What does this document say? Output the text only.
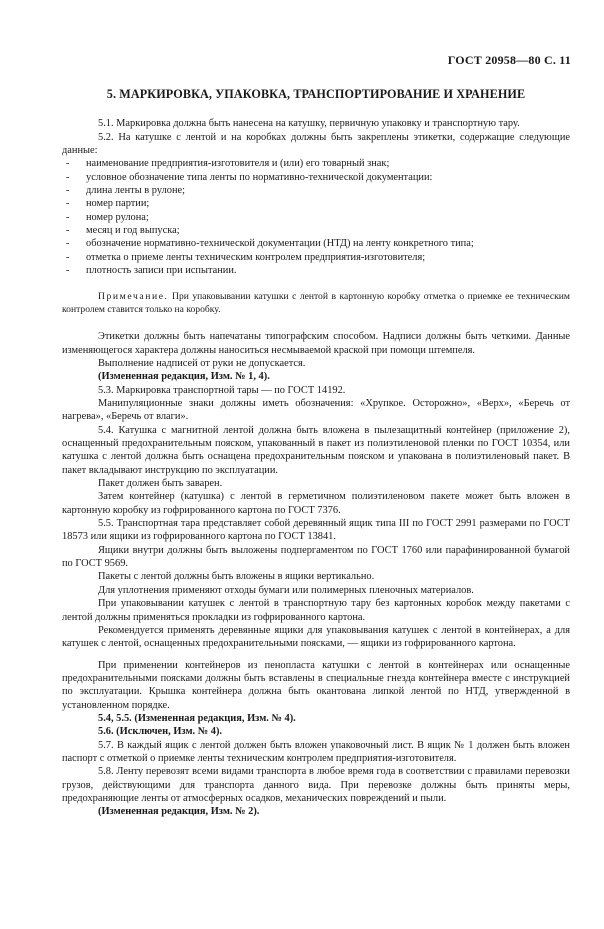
ГОСТ 20958—80 С. 11
5. МАРКИРОВКА, УПАКОВКА, ТРАНСПОРТИРОВАНИЕ И ХРАНЕНИЕ

5.1. Маркировка должна быть нанесена на катушку, первичную упаковку и транспортную тару.

5.2. На катушке с лентой и на коробках должны быть закреплены этикетки, содержащие следующие данные:

- наименование предприятия-изготовителя и (или) его товарный знак;

- условное обозначение типа ленты по нормативно-технической документации:

- длина ленты в рулоне;

- номер партии;

- номер рулона;

- месяц и год выпуска;

- обозначение нормативно-технической документации (НТД) на ленту конкретного типа;

- отметка о приеме ленты техническим контролем предприятия-изготовителя;

- плотность записи при испытании.

Примечание. При упаковывании катушки с лентой в картонную коробку отметка о приемке ее техническим контролем ставится только на коробку.

Этикетки должны быть напечатаны типографским способом. Надписи должны быть четкими. Данные изменяющегося характера должны наноситься несмываемой краской при помощи штемпеля.

Выполнение надписей от руки не допускается.

(Измененная редакция, Изм. № 1, 4).

5.3. Маркировка транспортной тары — по ГОСТ 14192.

Манипуляционные знаки должны иметь обозначения: «Хрупкое. Осторожно», «Верх», «Беречь от нагрева», «Беречь от влаги».

5.4. Катушка с магнитной лентой должна быть вложена в пылезащитный контейнер (приложение 2), оснащенный предохранительным пояском, упакованный в пакет из полиэтиленовой пленки по ГОСТ 10354, или катушка с лентой должна быть оснащена предохранительным пояском и упакована в полиэтиленовый пакет. В пакет вкладывают инструкцию по эксплуатации.

Пакет должен быть заварен.

Затем контейнер (катушка) с лентой в герметичном полиэтиленовом пакете может быть вложен в картонную коробку из гофрированного картона по ГОСТ 7376.

5.5. Транспортная тара представляет собой деревянный ящик типа III по ГОСТ 2991 размерами по ГОСТ 18573 или ящики из гофрированного картона по ГОСТ 13841.

Ящики внутри должны быть выложены подпергаментом по ГОСТ 1760 или парафинированной бумагой по ГОСТ 9569.

Пакеты с лентой должны быть вложены в ящики вертикально.

Для уплотнения применяют отходы бумаги или полимерных пленочных материалов.

При упаковывании катушек с лентой в транспортную тару без картонных коробок между пакетами с лентой должны применяться прокладки из гофрированного картона.

Рекомендуется применять деревянные ящики для упаковывания катушек с лентой в контейнерах, а для катушек с лентой, оснащенных предохранительными поясками, — ящики из гофрированного картона.

При применении контейнеров из пенопласта катушки с лентой в контейнерах или оснащенные предохранительными поясками должны быть вставлены в специальные гнезда контейнера вместе с инструкцией по эксплуатации. Крышка контейнера должна быть окантована липкой лентой по НТД, утвержденной в установленном порядке.

5.4, 5.5. (Измененная редакция, Изм. № 4).

5.6. (Исключен, Изм. № 4).

5.7. В каждый ящик с лентой должен быть вложен упаковочный лист. В ящик № 1 должен быть вложен паспорт с отметкой о приемке ленты техническим контролем предприятия-изготовителя.

5.8. Ленту перевозят всеми видами транспорта в любое время года в соответствии с правилами перевозки грузов, действующими для транспорта данного вида. При перевозке должны быть приняты меры, предохраняющие ленты от атмосферных осадков, механических повреждений и пыли.

(Измененная редакция, Изм. № 2).
